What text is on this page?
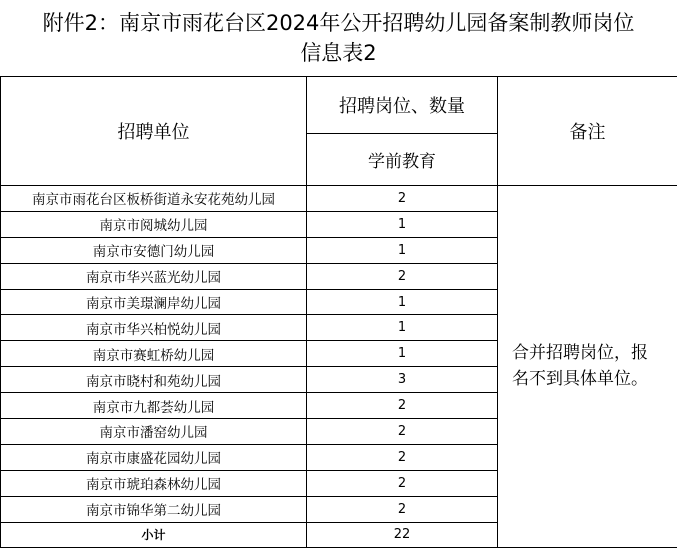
附件2：南京市雨花台区2024年公开招聘幼儿园备案制教师岗位
信息表2
招聘单位	招聘岗位、数量	备注
	学前教育	
南京市雨花台区板桥街道永安花苑幼儿园	2	合并招聘岗位，报名不到具体单位。
南京市阅城幼儿园	1	
南京市安德门幼儿园	1	
南京市华兴蓝光幼儿园	2	
南京市美璟澜岸幼儿园	1	
南京市华兴柏悦幼儿园	1	
南京市赛虹桥幼儿园	1	
南京市晓村和苑幼儿园	3	
南京市九都荟幼儿园	2	
南京市潘窑幼儿园	2	
南京市康盛花园幼儿园	2	
南京市琥珀森林幼儿园	2	
南京市锦华第二幼儿园	2	
小计	22	
